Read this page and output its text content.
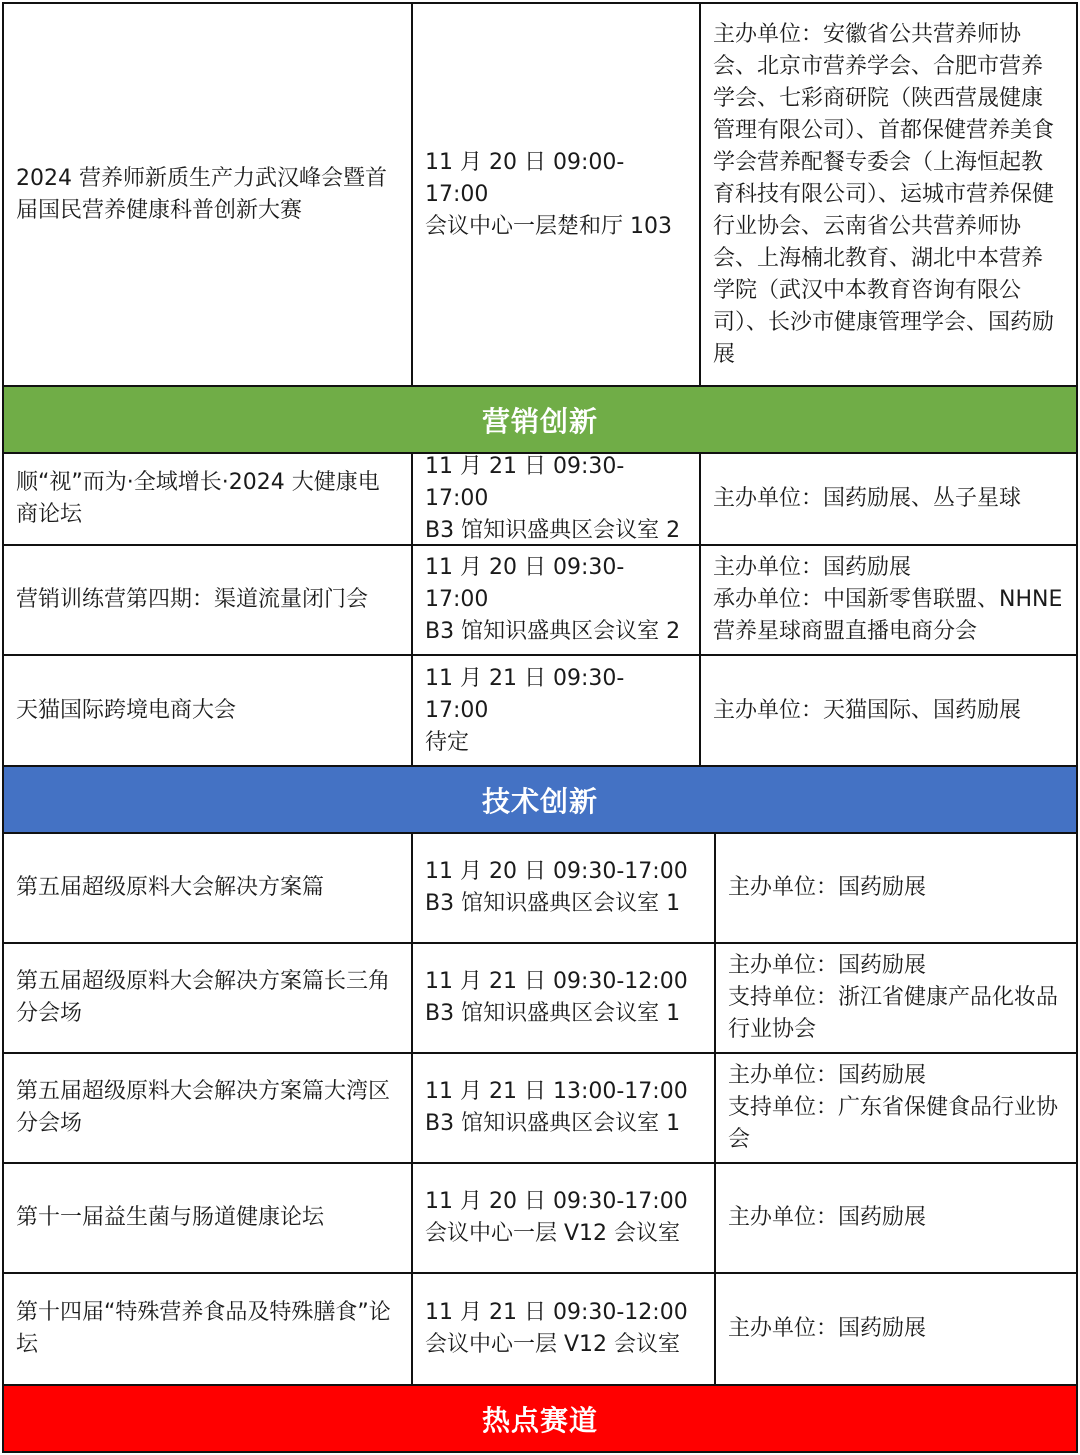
2024 营养师新质生产力武汉峰会暨首届国民营养健康科普创新大赛
11 月 20 日 09:00-17:00
会议中心一层楚和厅 103
主办单位：安徽省公共营养师协会、北京市营养学会、合肥市营养学会、七彩商研院（陕西营晟健康管理有限公司）、首都保健营养美食学会营养配餐专委会（上海恒起教育科技有限公司）、运城市营养保健行业协会、云南省公共营养师协会、上海楠北教育、湖北中本营养学院（武汉中本教育咨询有限公司）、长沙市健康管理学会、国药励展
营销创新
顺“视”而为·全域增长·2024 大健康电商论坛
11 月 21 日 09:30-17:00
B3 馆知识盛典区会议室 2
主办单位：国药励展、丛子星球
营销训练营第四期：渠道流量闭门会
11 月 20 日 09:30-17:00
B3 馆知识盛典区会议室 2
主办单位：国药励展
承办单位：中国新零售联盟、NHNE 营养星球商盟直播电商分会
天猫国际跨境电商大会
11 月 21 日 09:30-17:00
待定
主办单位：天猫国际、国药励展
技术创新
第五届超级原料大会解决方案篇
11 月 20 日 09:30-17:00
B3 馆知识盛典区会议室 1
主办单位：国药励展
第五届超级原料大会解决方案篇长三角分会场
11 月 21 日 09:30-12:00
B3 馆知识盛典区会议室 1
主办单位：国药励展
支持单位：浙江省健康产品化妆品行业协会
第五届超级原料大会解决方案篇大湾区分会场
11 月 21 日 13:00-17:00
B3 馆知识盛典区会议室 1
主办单位：国药励展
支持单位：广东省保健食品行业协会
第十一届益生菌与肠道健康论坛
11 月 20 日 09:30-17:00
会议中心一层 V12 会议室
主办单位：国药励展
第十四届“特殊营养食品及特殊膳食”论坛
11 月 21 日 09:30-12:00
会议中心一层 V12 会议室
主办单位：国药励展
热点赛道
